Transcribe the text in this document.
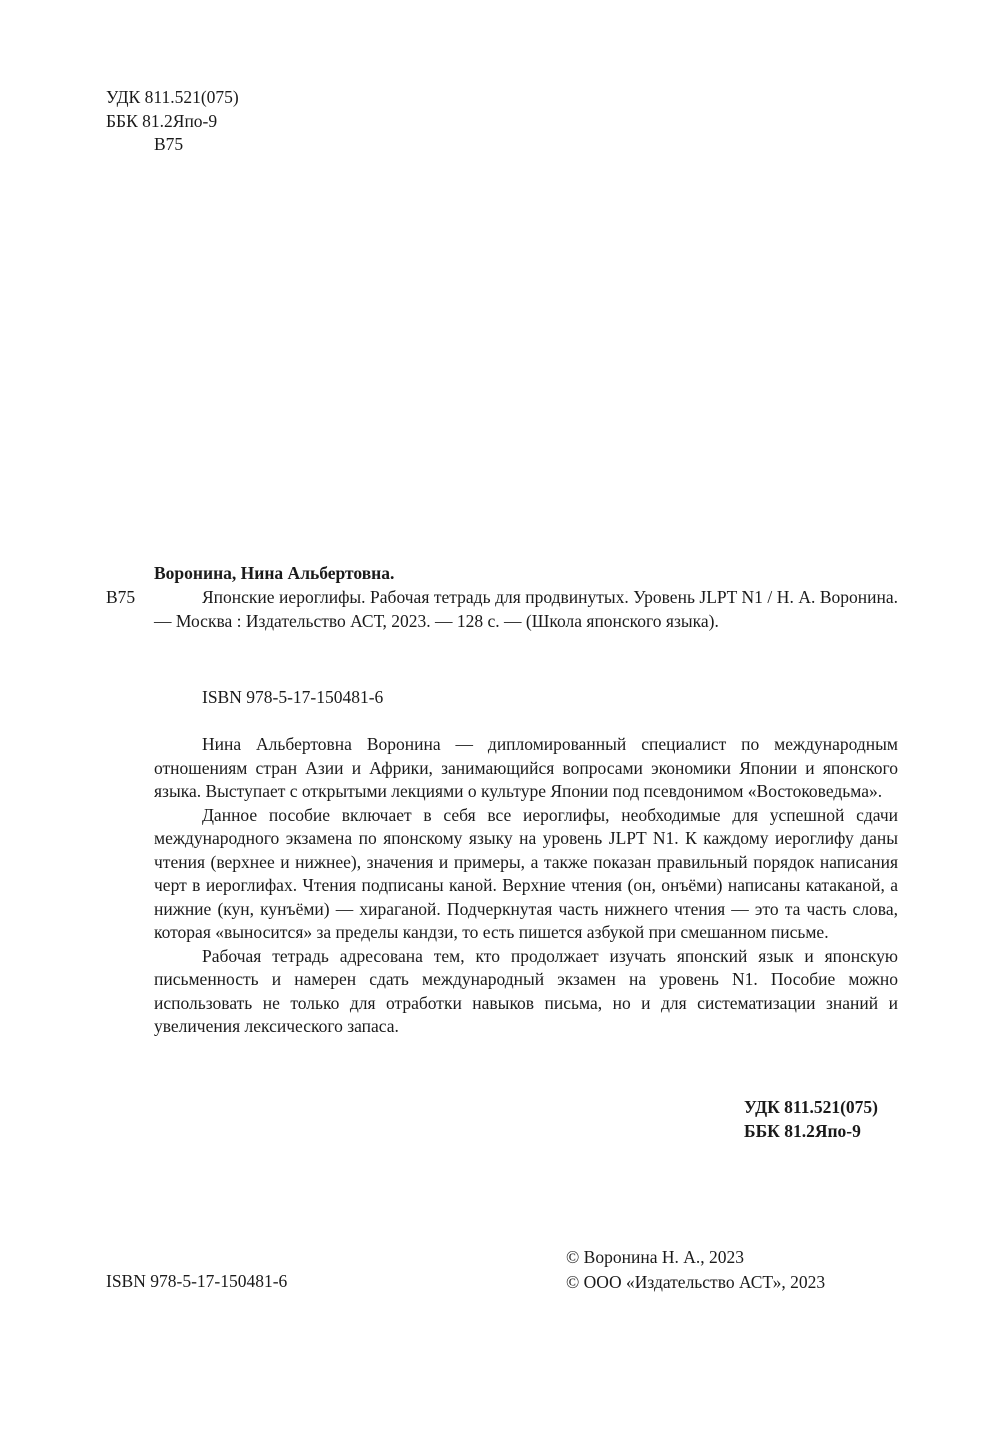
УДК 811.521(075)
ББК 81.2Япо-9
В75
Воронина, Нина Альбертовна.
В75	Японские иероглифы. Рабочая тетрадь для продвинутых. Уровень JLPT N1 / Н. А. Воронина. — Москва : Издательство АСТ, 2023. — 128 с. — (Школа японского языка).
ISBN 978-5-17-150481-6

Нина Альбертовна Воронина — дипломированный специалист по международным отношениям стран Азии и Африки, занимающийся вопросами экономики Японии и японского языка. Выступает с открытыми лекциями о культуре Японии под псевдонимом «Востоковедьма».

Данное пособие включает в себя все иероглифы, необходимые для успешной сдачи международного экзамена по японскому языку на уровень JLPT N1. К каждому иероглифу даны чтения (верхнее и нижнее), значения и примеры, а также показан правильный порядок написания черт в иероглифах. Чтения подписаны каной. Верхние чтения (он, онъёми) написаны катаканой, а нижние (кун, кунъёми) — хираганой. Подчеркнутая часть нижнего чтения — это та часть слова, которая «выносится» за пределы кандзи, то есть пишется азбукой при смешанном письме.

Рабочая тетрадь адресована тем, кто продолжает изучать японский язык и японскую письменность и намерен сдать международный экзамен на уровень N1. Пособие можно использовать не только для отработки навыков письма, но и для систематизации знаний и увеличения лексического запаса.

УДК 811.521(075)
ББК 81.2Япо-9
ISBN 978-5-17-150481-6
© Воронина Н. А., 2023
© ООО «Издательство АСТ», 2023
